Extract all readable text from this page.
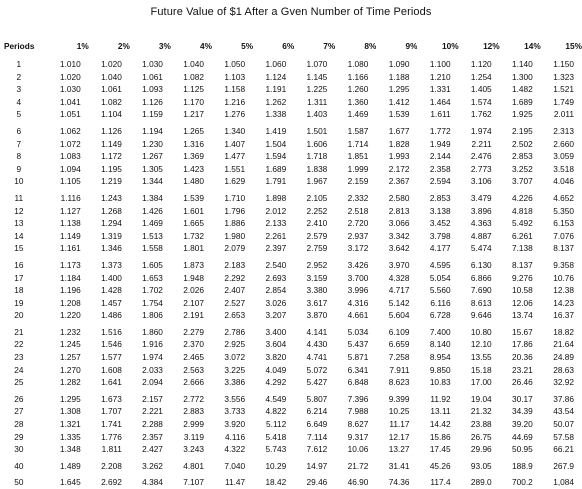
Future Value of $1 After a Gven Number of Time Periods
Periods	1%	2%	3%	4%	5%	6%	7%	8%	9%	10%	12%	14%	15%

1	1.010	1.020	1.030	1.040	1.050	1.060	1.070	1.080	1.090	1.100	1.120	1.140	1.150
2	1.020	1.040	1.061	1.082	1.103	1.124	1.145	1.166	1.188	1.210	1.254	1.300	1.323
3	1.030	1.061	1.093	1.125	1.158	1.191	1.225	1.260	1.295	1.331	1.405	1.482	1.521
4	1.041	1.082	1.126	1.170	1.216	1.262	1.311	1.360	1.412	1.464	1.574	1.689	1.749
5	1.051	1.104	1.159	1.217	1.276	1.338	1.403	1.469	1.539	1.611	1.762	1.925	2.011

6	1.062	1.126	1.194	1.265	1.340	1.419	1.501	1.587	1.677	1.772	1.974	2.195	2.313
7	1.072	1.149	1.230	1.316	1.407	1.504	1.606	1.714	1.828	1.949	2.211	2.502	2.660
8	1.083	1.172	1.267	1.369	1.477	1.594	1.718	1.851	1.993	2.144	2.476	2.853	3.059
9	1.094	1.195	1.305	1.423	1.551	1.689	1.838	1.999	2.172	2.358	2.773	3.252	3.518
10	1.105	1.219	1.344	1.480	1.629	1.791	1.967	2.159	2.367	2.594	3.106	3.707	4.046

11	1.116	1.243	1.384	1.539	1.710	1.898	2.105	2.332	2.580	2.853	3.479	4.226	4.652
12	1.127	1.268	1.426	1.601	1.796	2.012	2.252	2.518	2.813	3.138	3.896	4.818	5.350
13	1.138	1.294	1.469	1.665	1.886	2.133	2.410	2.720	3.066	3.452	4.363	5.492	6.153
14	1.149	1.319	1.513	1.732	1.980	2.261	2.579	2.937	3.342	3.798	4.887	6.261	7.076
15	1.161	1.346	1.558	1.801	2.079	2.397	2.759	3.172	3.642	4.177	5.474	7.138	8.137

16	1.173	1.373	1.605	1.873	2.183	2.540	2.952	3.426	3.970	4.595	6.130	8.137	9.358
17	1.184	1.400	1.653	1.948	2.292	2.693	3.159	3.700	4.328	5.054	6.866	9.276	10.76
18	1.196	1.428	1.702	2.026	2.407	2.854	3.380	3.996	4.717	5.560	7.690	10.58	12.38
19	1.208	1.457	1.754	2.107	2.527	3.026	3.617	4.316	5.142	6.116	8.613	12.06	14.23
20	1.220	1.486	1.806	2.191	2.653	3.207	3.870	4.661	5.604	6.728	9.646	13.74	16.37

21	1.232	1.516	1.860	2.279	2.786	3.400	4.141	5.034	6.109	7.400	10.80	15.67	18.82
22	1.245	1.546	1.916	2.370	2.925	3.604	4.430	5.437	6.659	8.140	12.10	17.86	21.64
23	1.257	1.577	1.974	2.465	3.072	3.820	4.741	5.871	7.258	8.954	13.55	20.36	24.89
24	1.270	1.608	2.033	2.563	3.225	4.049	5.072	6.341	7.911	9.850	15.18	23.21	28.63
25	1.282	1.641	2.094	2.666	3.386	4.292	5.427	6.848	8.623	10.83	17.00	26.46	32.92

26	1.295	1.673	2.157	2.772	3.556	4.549	5.807	7.396	9.399	11.92	19.04	30.17	37.86
27	1.308	1.707	2.221	2.883	3.733	4.822	6.214	7.988	10.25	13.11	21.32	34.39	43.54
28	1.321	1.741	2.288	2.999	3.920	5.112	6.649	8.627	11.17	14.42	23.88	39.20	50.07
29	1.335	1.776	2.357	3.119	4.116	5.418	7.114	9.317	12.17	15.86	26.75	44.69	57.58
30	1.348	1.811	2.427	3.243	4.322	5.743	7.612	10.06	13.27	17.45	29.96	50.95	66.21

40	1.489	2.208	3.262	4.801	7.040	10.29	14.97	21.72	31.41	45.26	93.05	188.9	267.9

50	1.645	2.692	4.384	7.107	11.47	18.42	29.46	46.90	74.36	117.4	289.0	700.2	1,084
